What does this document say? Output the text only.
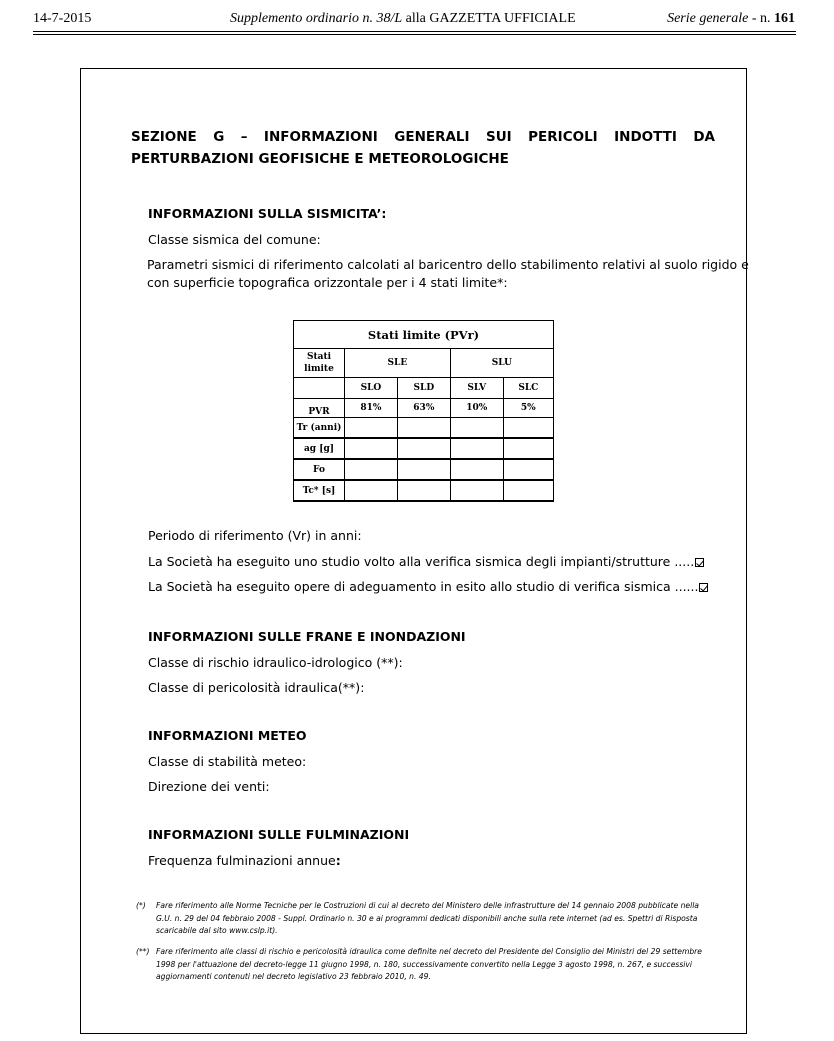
14-7-2015	Supplemento ordinario n. 38/L alla GAZZETTA UFFICIALE	Serie generale - n. 161
SEZIONE G – INFORMAZIONI GENERALI SUI PERICOLI INDOTTI DA
PERTURBAZIONI GEOFISICHE E METEOROLOGICHE
INFORMAZIONI SULLA SISMICITA’:
Classe sismica del comune:
Parametri sismici di riferimento calcolati al baricentro dello stabilimento relativi al suolo rigido e
con superficie topografica orizzontale per i 4 stati limite*:
Stati limite (PVr)				
Stati
limite	SLE		SLU	
	SLO	SLD	SLV	SLC
PVR	81%	63%	10%	5%
Tr (anni)				
ag [g]				
Fo				
Tc* [s]				
Periodo di riferimento (Vr) in anni:
La Società ha eseguito uno studio volto alla verifica sismica degli impianti/strutture .....
La Società ha eseguito opere di adeguamento in esito allo studio di verifica sismica ......
INFORMAZIONI SULLE FRANE E INONDAZIONI
Classe di rischio idraulico-idrologico (**):
Classe di pericolosità idraulica(**):
INFORMAZIONI METEO
Classe di stabilità meteo:
Direzione dei venti:
INFORMAZIONI SULLE FULMINAZIONI
Frequenza fulminazioni annue:
(*) Fare riferimento alle Norme Tecniche per le Costruzioni di cui al decreto del Ministero delle infrastrutture del 14 gennaio 2008 pubblicate nella G.U. n. 29 del 04 febbraio 2008 - Suppl. Ordinario n. 30 e ai programmi dedicati disponibili anche sulla rete internet (ad es. Spettri di Risposta scaricabile dal sito www.cslp.it).
(**) Fare riferimento alle classi di rischio e pericolosità idraulica come definite nel decreto del Presidente del Consiglio dei Ministri del 29 settembre 1998 per l'attuazione del decreto-legge 11 giugno 1998, n. 180, successivamente convertito nella Legge 3 agosto 1998, n. 267, e successivi aggiornamenti contenuti nel decreto legislativo 23 febbraio 2010, n. 49.
